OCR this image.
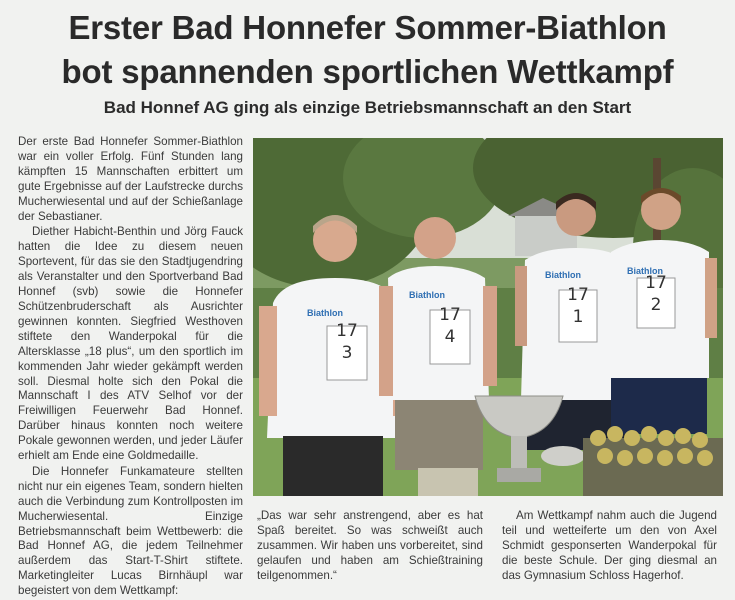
Erster Bad Honnefer Sommer-Biathlon
bot spannenden sportlichen Wettkampf
Bad Honnef AG ging als einzige Betriebsmannschaft an den Start

Der erste Bad Honnefer Sommer-Biathlon war ein voller Erfolg. Fünf Stunden lang kämpften 15 Mannschaften erbittert um gute Ergebnisse auf der Laufstrecke durchs Mucherwiesental und auf der Schießanlage der Sebastianer.

Diether Habicht-Benthin und Jörg Fauck hatten die Idee zu diesem neuen Sportevent, für das sie den Stadtjugendring als Veranstalter und den Sportverband Bad Honnef (svb) sowie die Honnefer Schützenbruderschaft als Ausrichter gewinnen konnten. Siegfried Westhoven stiftete den Wanderpokal für die Altersklasse „18 plus“, um den sportlich im kommenden Jahr wieder gekämpft werden soll. Diesmal holte sich den Pokal die Mannschaft I des ATV Selhof vor der Freiwilligen Feuerwehr Bad Honnef. Darüber hinaus konnten noch weitere Pokale gewonnen werden, und jeder Läufer erhielt am Ende eine Goldmedaille.

Die Honnefer Funkamateure stellten nicht nur ein eigenes Team, sondern hielten auch die Verbindung zum Kontrollposten im Mucherwiesental. Einzige Betriebsmannschaft beim Wettbewerb: die Bad Honnef AG, die jedem Teilnehmer außerdem das Start-T-Shirt stiftete. Marketingleiter Lucas Birnhäupl war begeistert von dem Wettkampf:

Biathlon
Biathlon
Biathlon	Biathlon
17
3
17
4
17
1
17
2

„Das war sehr anstrengend, aber es hat Spaß bereitet. So was schweißt auch zusammen. Wir haben uns vorbereitet, sind gelaufen und haben am Schießtraining teilgenommen.“

Am Wettkampf nahm auch die Jugend teil und wetteiferte um den von Axel Schmidt gesponserten Wanderpokal für die beste Schule. Der ging diesmal an das Gymnasium Schloss Hagerhof.
